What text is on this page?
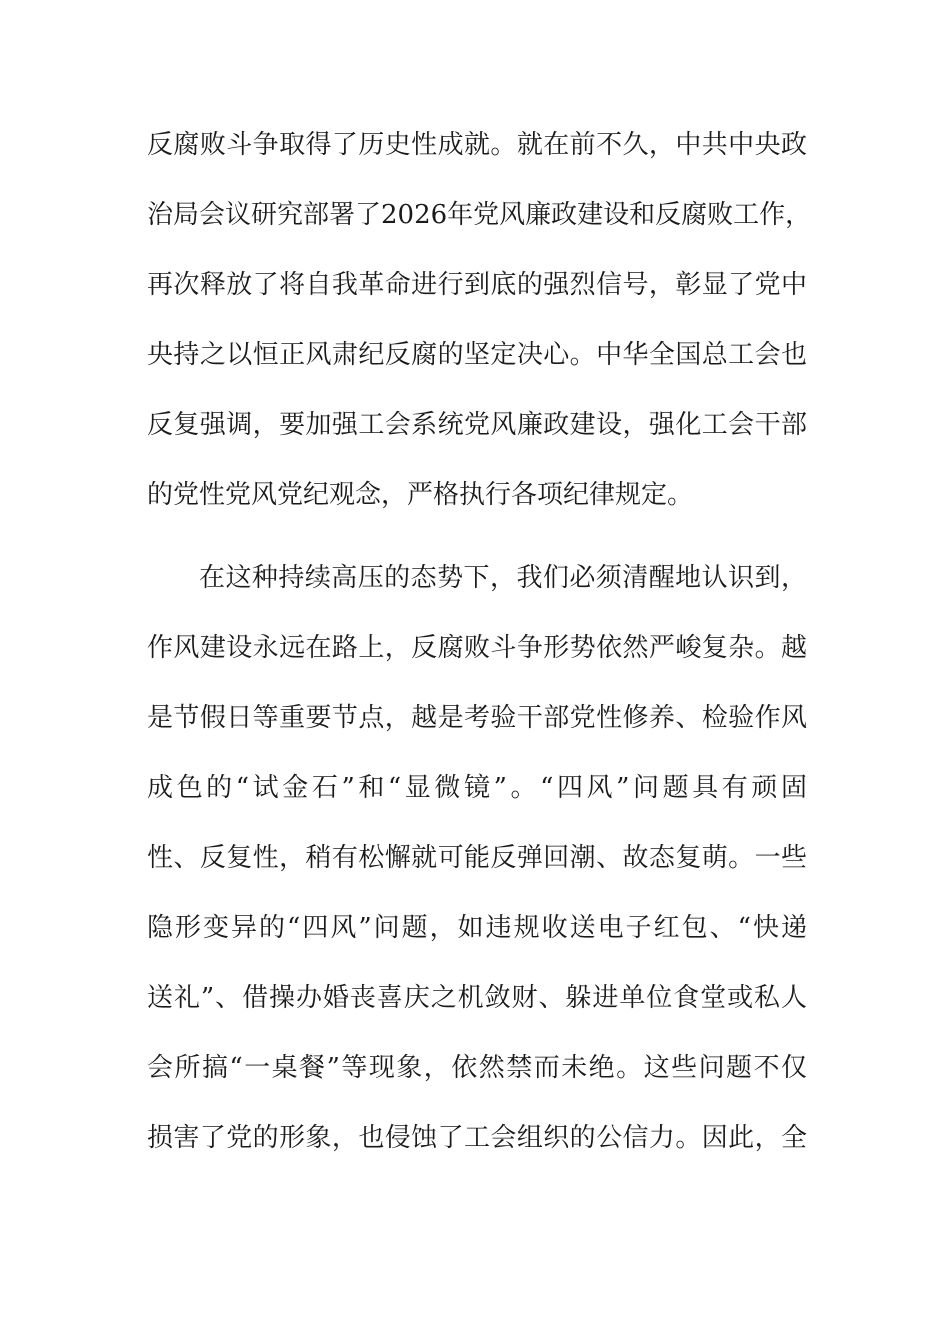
反腐败斗争取得了历史性成就。就在前不久，中共中央政
治局会议研究部署了2026年党风廉政建设和反腐败工作，
再次释放了将自我革命进行到底的强烈信号，彰显了党中
央持之以恒正风肃纪反腐的坚定决心。中华全国总工会也
反复强调，要加强工会系统党风廉政建设，强化工会干部
的党性党风党纪观念，严格执行各项纪律规定。
在这种持续高压的态势下，我们必须清醒地认识到，
作风建设永远在路上，反腐败斗争形势依然严峻复杂。越
是节假日等重要节点，越是考验干部党性修养、检验作风
成色的“试金石”和“显微镜”。“四风”问题具有顽固
性、反复性，稍有松懈就可能反弹回潮、故态复萌。一些
隐形变异的“四风”问题，如违规收送电子红包、“快递
送礼”、借操办婚丧喜庆之机敛财、躲进单位食堂或私人
会所搞“一桌餐”等现象，依然禁而未绝。这些问题不仅
损害了党的形象，也侵蚀了工会组织的公信力。因此，全
